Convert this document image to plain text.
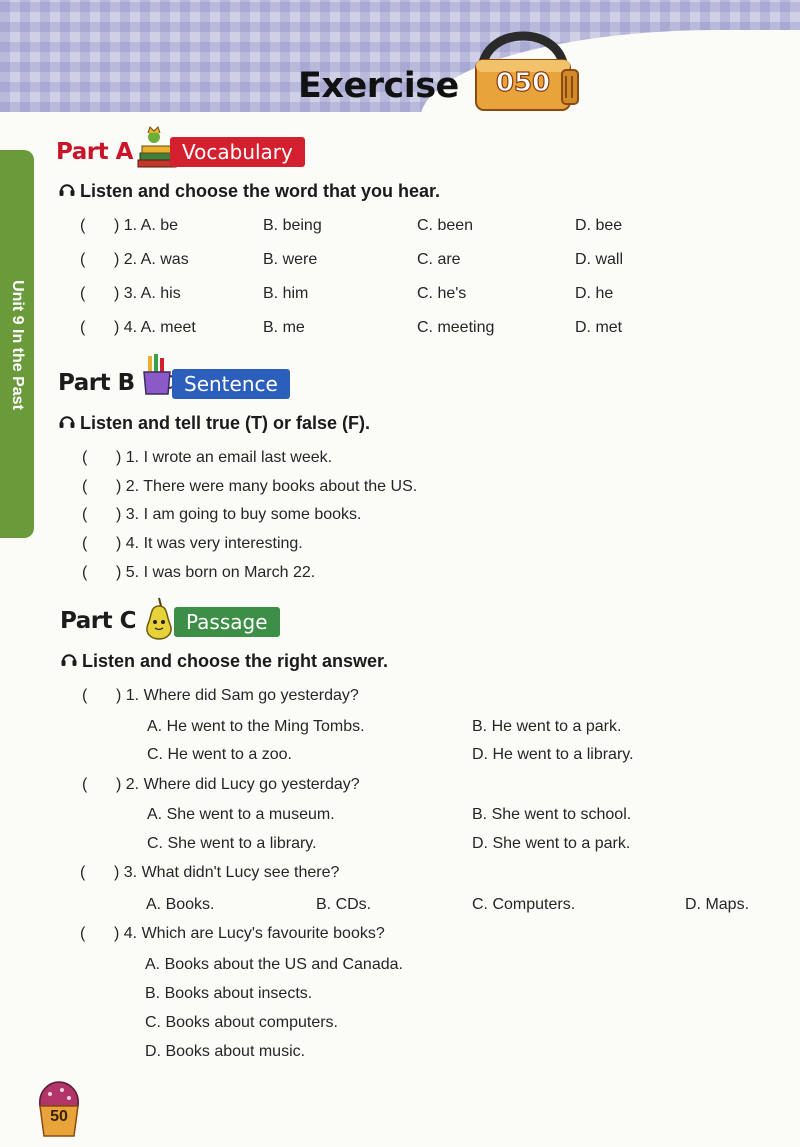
Exercise	050
Unit 9 In the Past
Part A	Vocabulary
Listen and choose the word that you hear.
( ) 1. A. be	B. being	C. been	D. bee
( ) 2. A. was	B. were	C. are	D. wall
( ) 3. A. his	B. him	C. he's	D. he
( ) 4. A. meet	B. me	C. meeting	D. met
Part B	Sentence
Listen and tell true (T) or false (F).
( ) 1. I wrote an email last week.
( ) 2. There were many books about the US.
( ) 3. I am going to buy some books.
( ) 4. It was very interesting.
( ) 5. I was born on March 22.
Part C	Passage
Listen and choose the right answer.
( ) 1. Where did Sam go yesterday?
A. He went to the Ming Tombs.	B. He went to a park.
C. He went to a zoo.	D. He went to a library.
( ) 2. Where did Lucy go yesterday?
A. She went to a museum.	B. She went to school.
C. She went to a library.	D. She went to a park.
( ) 3. What didn't Lucy see there?
A. Books.	B. CDs.	C. Computers.	D. Maps.
( ) 4. Which are Lucy's favourite books?
A. Books about the US and Canada.
B. Books about insects.
C. Books about computers.
D. Books about music.
50
